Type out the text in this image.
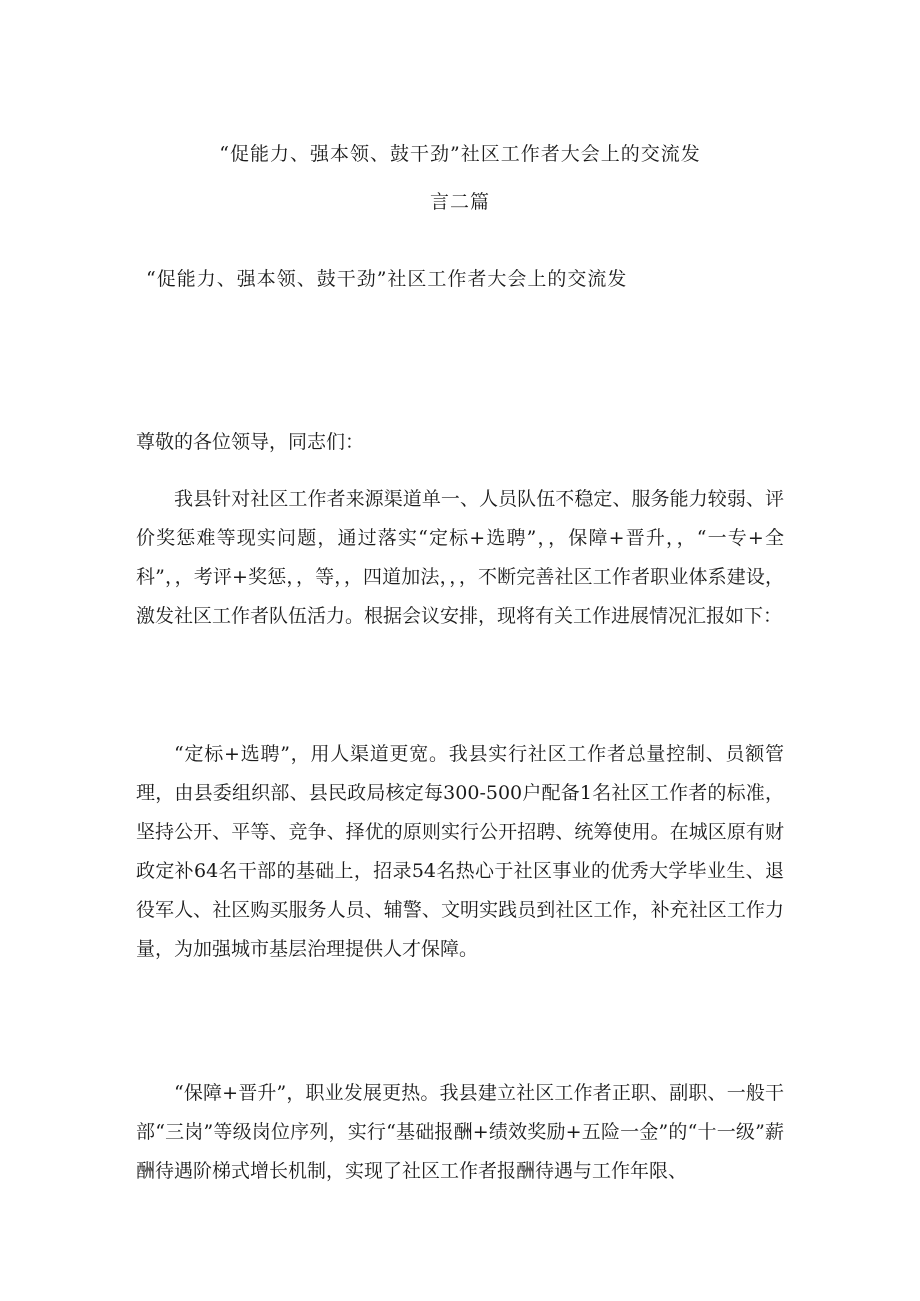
“促能力、强本领、鼓干劲”社区工作者大会上的交流发
言二篇
“促能力、强本领、鼓干劲”社区工作者大会上的交流发
尊敬的各位领导，同志们：

我县针对社区工作者来源渠道单一、人员队伍不稳定、服务能力较弱、评价奖惩难等现实问题，通过落实“定标+选聘”，，保障+晋升，，“一专+全科”，，考评+奖惩，，等，，四道加法，，，不断完善社区工作者职业体系建设，激发社区工作者队伍活力。根据会议安排，现将有关工作进展情况汇报如下：

“定标+选聘”，用人渠道更宽。我县实行社区工作者总量控制、员额管理，由县委组织部、县民政局核定每300-500户配备1名社区工作者的标准，坚持公开、平等、竞争、择优的原则实行公开招聘、统筹使用。在城区原有财政定补64名干部的基础上，招录54名热心于社区事业的优秀大学毕业生、退役军人、社区购买服务人员、辅警、文明实践员到社区工作，补充社区工作力量，为加强城市基层治理提供人才保障。

“保障+晋升”，职业发展更热。我县建立社区工作者正职、副职、一般干部“三岗”等级岗位序列，实行“基础报酬+绩效奖励+五险一金”的“十一级”薪酬待遇阶梯式增长机制，实现了社区工作者报酬待遇与工作年限、
